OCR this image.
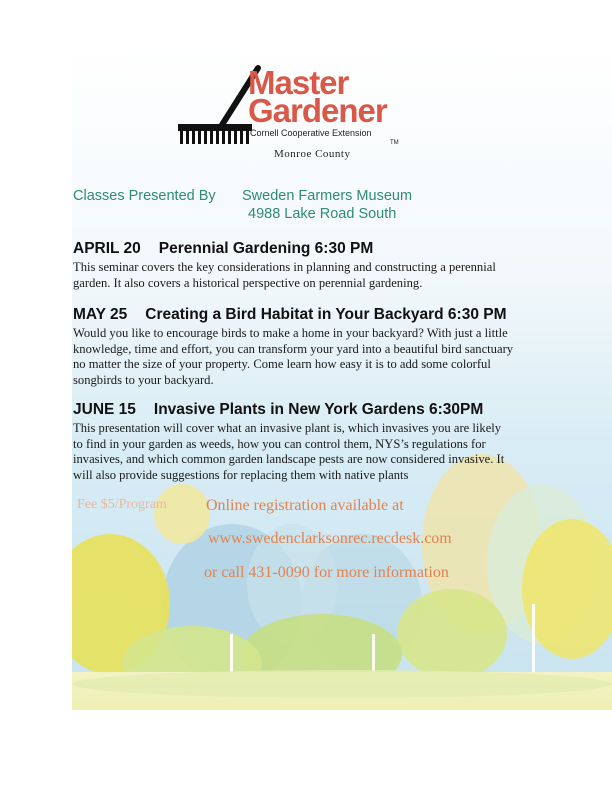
Master
Gardener
Cornell Cooperative Extension
TM
Monroe County
Classes Presented By Sweden Farmers Museum
4988 Lake Road South
APRIL 20 Perennial Gardening 6:30 PM
This seminar covers the key considerations in planning and constructing a perennial
garden. It also covers a historical perspective on perennial gardening.
MAY 25 Creating a Bird Habitat in Your Backyard 6:30 PM
Would you like to encourage birds to make a home in your backyard? With just a little
knowledge, time and effort, you can transform your yard into a beautiful bird sanctuary
no matter the size of your property. Come learn how easy it is to add some colorful
songbirds to your backyard.
JUNE 15 Invasive Plants in New York Gardens 6:30PM
This presentation will cover what an invasive plant is, which invasives you are likely
to find in your garden as weeds, how you can control them, NYS’s regulations for
invasives, and which common garden landscape pests are now considered invasive. It
will also provide suggestions for replacing them with native plants
Fee $5/Program Online registration available at
www.swedenclarksonrec.recdesk.com
or call 431-0090 for more information
